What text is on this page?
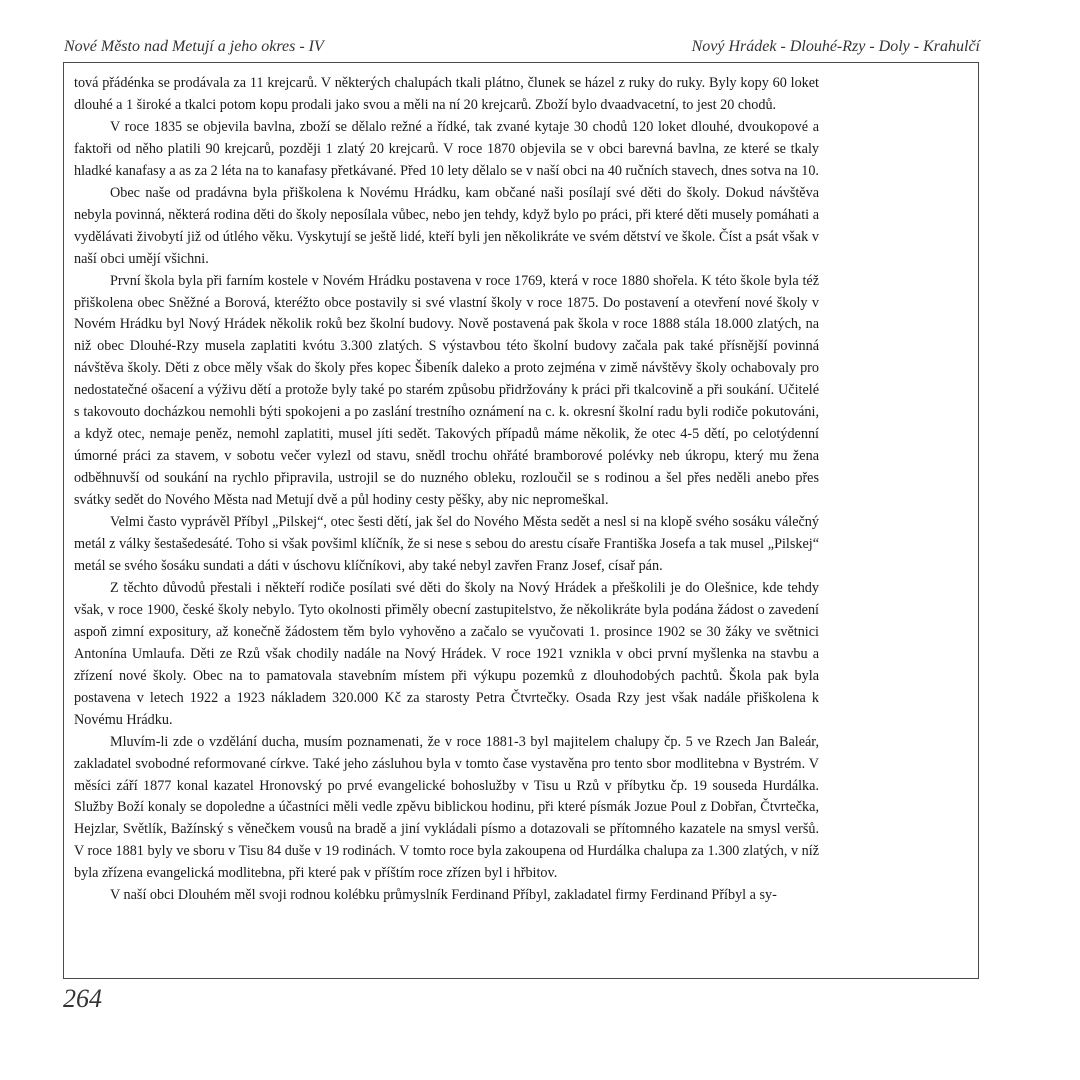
Nové Město nad Metují a jeho okres - IV	Nový Hrádek - Dlouhé-Rzy - Doly - Krahulčí

tová přádénka se prodávala za 11 krejcarů. V některých chalupách tkali plátno, člunek se házel z ruky do ruky. Byly kopy 60 loket dlouhé a 1 široké a tkalci potom kopu prodali jako svou a měli na ní 20 krejcarů. Zboží bylo dvaadvacetní, to jest 20 chodů.

V roce 1835 se objevila bavlna, zboží se dělalo režné a řídké, tak zvané kytaje 30 chodů 120 loket dlouhé, dvoukopové a faktoři od něho platili 90 krejcarů, později 1 zlatý 20 krejcarů. V roce 1870 objevila se v obci barevná bavlna, ze které se tkaly hladké kanafasy a as za 2 léta na to kanafasy přetkávané. Před 10 lety dělalo se v naší obci na 40 ručních stavech, dnes sotva na 10.

Obec naše od pradávna byla přiškolena k Novému Hrádku, kam občané naši posílají své děti do školy. Dokud návštěva nebyla povinná, některá rodina děti do školy neposílala vůbec, nebo jen tehdy, když bylo po práci, při které děti musely pomáhati a vydělávati živobytí již od útlého věku. Vyskytují se ještě lidé, kteří byli jen několikráte ve svém dětství ve škole. Číst a psát však v naší obci umějí všichni.

První škola byla při farním kostele v Novém Hrádku postavena v roce 1769, která v roce 1880 shořela. K této škole byla též přiškolena obec Sněžné a Borová, kteréžto obce postavily si své vlastní školy v roce 1875. Do postavení a otevření nové školy v Novém Hrádku byl Nový Hrádek několik roků bez školní budovy. Nově postavená pak škola v roce 1888 stála 18.000 zlatých, na niž obec Dlouhé-Rzy musela zaplatiti kvótu 3.300 zlatých. S výstavbou této školní budovy začala pak také přísnější povinná návštěva školy. Děti z obce měly však do školy přes kopec Šibeník daleko a proto zejména v zimě návštěvy školy ochabovaly pro nedostatečné ošacení a výživu dětí a protože byly také po starém způsobu přidržovány k práci při tkalcovině a při soukání. Učitelé s takovouto docházkou nemohli býti spokojeni a po zaslání trestního oznámení na c. k. okresní školní radu byli rodiče pokutováni, a když otec, nemaje peněz, nemohl zaplatiti, musel jíti sedět. Takových případů máme několik, že otec 4-5 dětí, po celotýdenní úmorné práci za stavem, v sobotu večer vylezl od stavu, snědl trochu ohřáté bramborové polévky neb úkropu, který mu žena odběhnuvší od soukání na rychlo připravila, ustrojil se do nuzného obleku, rozloučil se s rodinou a šel přes neděli anebo přes svátky sedět do Nového Města nad Metují dvě a půl hodiny cesty pěšky, aby nic nepromeškal.

Velmi často vyprávěl Příbyl „Pilskej“, otec šesti dětí, jak šel do Nového Města sedět a nesl si na klopě svého sosáku válečný metál z války šestašedesáté. Toho si však povšiml klíčník, že si nese s sebou do arestu císaře Františka Josefa a tak musel „Pilskej“ metál se svého šosáku sundati a dáti v úschovu klíčníkovi, aby také nebyl zavřen Franz Josef, císař pán.

Z těchto důvodů přestali i někteří rodiče posílati své děti do školy na Nový Hrádek a přeškolili je do Olešnice, kde tehdy však, v roce 1900, české školy nebylo. Tyto okolnosti přiměly obecní zastupitelstvo, že několikráte byla podána žádost o zavedení aspoň zimní expositury, až konečně žádostem těm bylo vyhověno a začalo se vyučovati 1. prosince 1902 se 30 žáky ve světnici Antonína Umlaufa. Děti ze Rzů však chodily nadále na Nový Hrádek. V roce 1921 vznikla v obci první myšlenka na stavbu a zřízení nové školy. Obec na to pamatovala stavebním místem při výkupu pozemků z dlouhodobých pachtů. Škola pak byla postavena v letech 1922 a 1923 nákladem 320.000 Kč za starosty Petra Čtvrtečky. Osada Rzy jest však nadále přiškolena k Novému Hrádku.

Mluvím-li zde o vzdělání ducha, musím poznamenati, že v roce 1881-3 byl majitelem chalupy čp. 5 ve Rzech Jan Baleár, zakladatel svobodné reformované církve. Také jeho zásluhou byla v tomto čase vystavěna pro tento sbor modlitebna v Bystrém. V měsíci září 1877 konal kazatel Hronovský po prvé evangelické bohoslužby v Tisu u Rzů v příbytku čp. 19 souseda Hurdálka. Služby Boží konaly se dopoledne a účastníci měli vedle zpěvu biblickou hodinu, při které písmák Jozue Poul z Dobřan, Čtvrtečka, Hejzlar, Světlík, Bažínský s věnečkem vousů na bradě a jiní vykládali písmo a dotazovali se přítomného kazatele na smysl veršů. V roce 1881 byly ve sboru v Tisu 84 duše v 19 rodinách. V tomto roce byla zakoupena od Hurdálka chalupa za 1.300 zlatých, v níž byla zřízena evangelická modlitebna, při které pak v příštím roce zřízen byl i hřbitov.

V naší obci Dlouhém měl svoji rodnou kolébku průmyslník Ferdinand Příbyl, zakladatel firmy Ferdinand Příbyl a sy-

264
